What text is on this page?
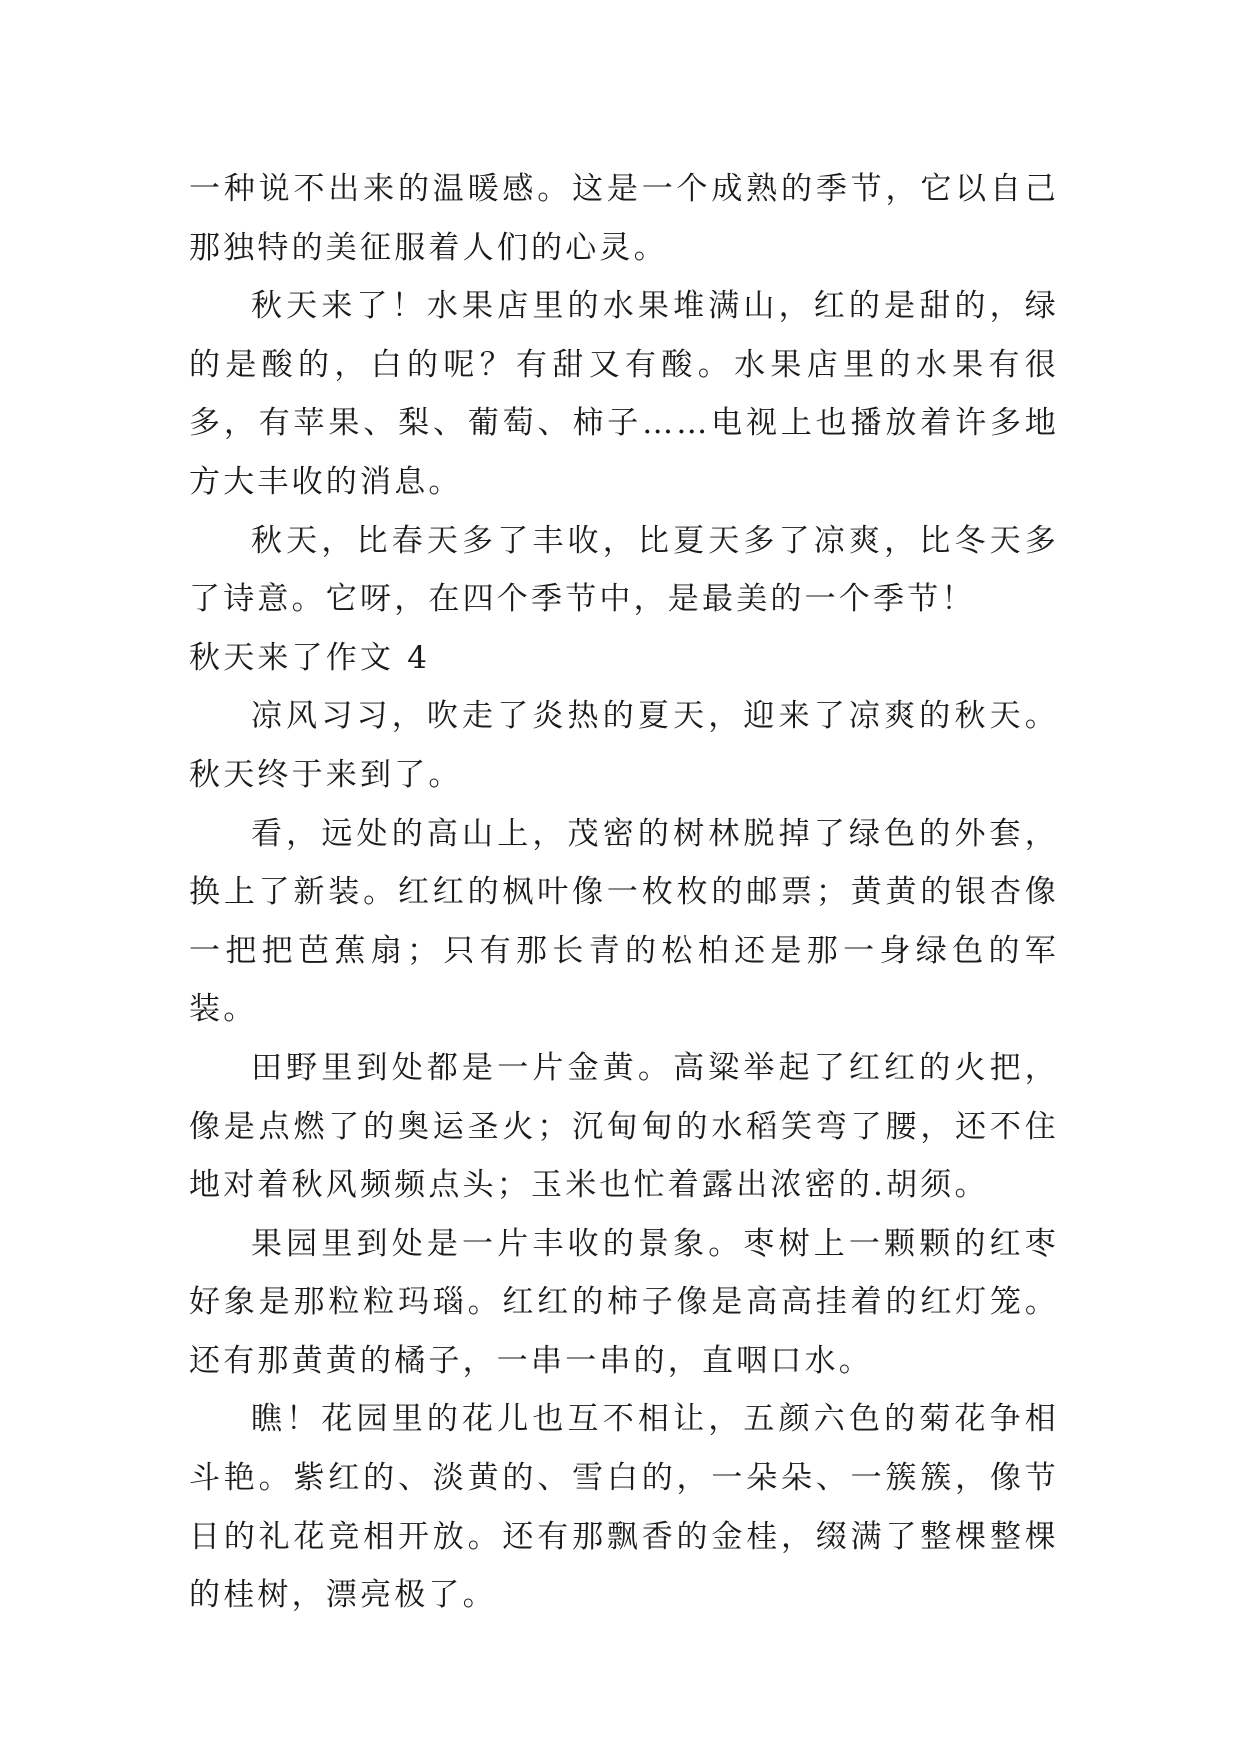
一种说不出来的温暖感。这是一个成熟的季节，它以自己那独特的美征服着人们的心灵。

秋天来了！水果店里的水果堆满山，红的是甜的，绿的是酸的，白的呢？有甜又有酸。水果店里的水果有很多，有苹果、梨、葡萄、柿子……电视上也播放着许多地方大丰收的消息。

秋天，比春天多了丰收，比夏天多了凉爽，比冬天多了诗意。它呀，在四个季节中，是最美的一个季节！

秋天来了作文 4

凉风习习，吹走了炎热的夏天，迎来了凉爽的秋天。秋天终于来到了。

看，远处的高山上，茂密的树林脱掉了绿色的外套，换上了新装。红红的枫叶像一枚枚的邮票；黄黄的银杏像一把把芭蕉扇；只有那长青的松柏还是那一身绿色的军装。

田野里到处都是一片金黄。高粱举起了红红的火把，像是点燃了的奥运圣火；沉甸甸的水稻笑弯了腰，还不住地对着秋风频频点头；玉米也忙着露出浓密的.胡须。

果园里到处是一片丰收的景象。枣树上一颗颗的红枣好象是那粒粒玛瑙。红红的柿子像是高高挂着的红灯笼。还有那黄黄的橘子，一串一串的，直咽口水。

瞧！花园里的花儿也互不相让，五颜六色的菊花争相斗艳。紫红的、淡黄的、雪白的，一朵朵、一簇簇，像节日的礼花竞相开放。还有那飘香的金桂，缀满了整棵整棵的桂树，漂亮极了。
